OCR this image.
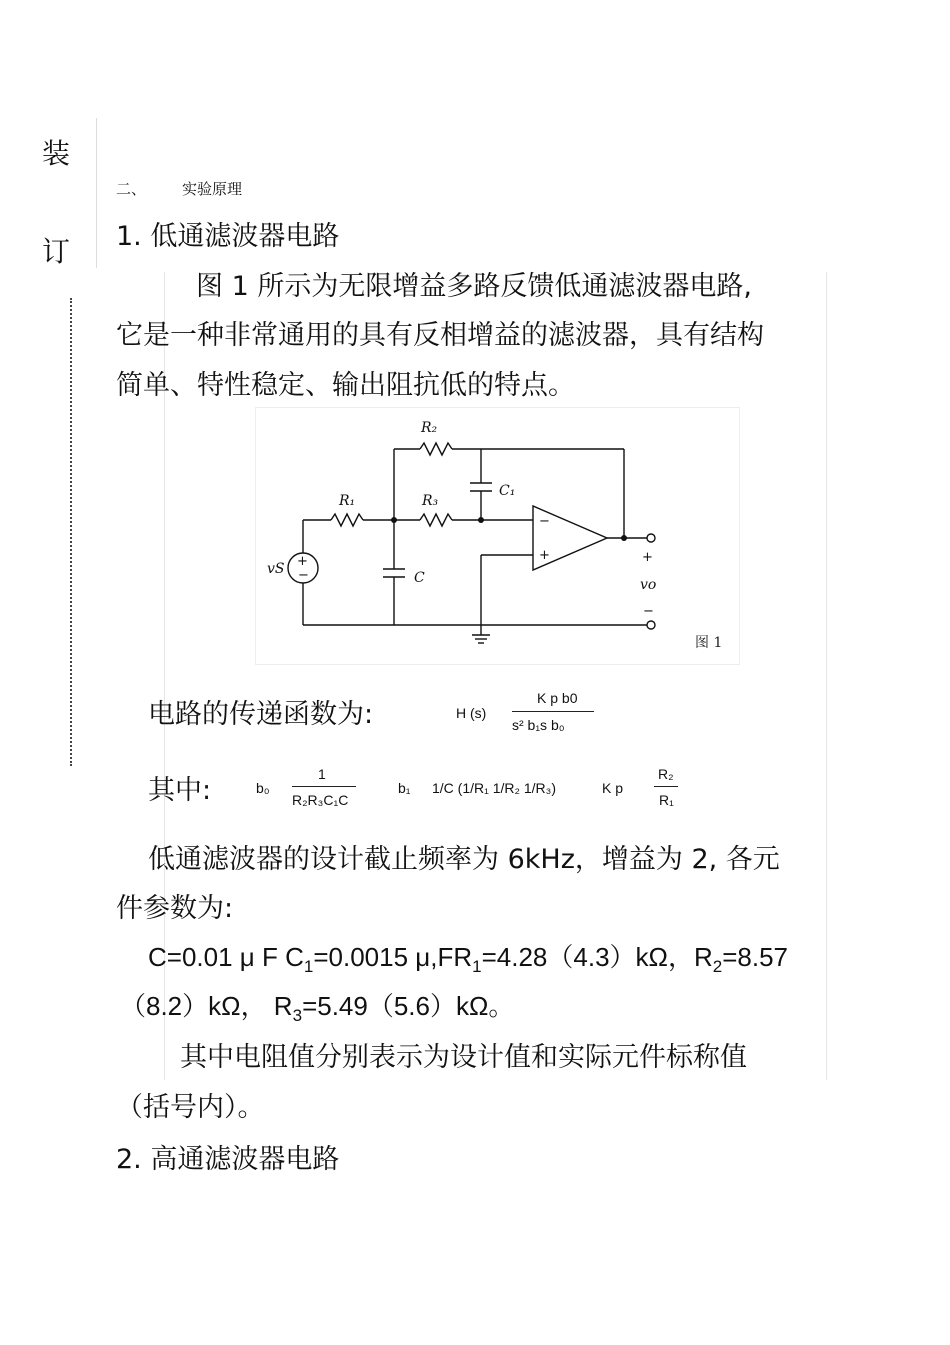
装
订
二、 实验原理
1. 低通滤波器电路
图 1 所示为无限增益多路反馈低通滤波器电路,
它是一种非常通用的具有反相增益的滤波器，具有结构
简单、特性稳定、输出阻抗低的特点。
R₂
C₁
R₁	R₃
C
vS
vo
+
−
+
−
−
+
图 1
电路的传递函数为:	H (s)
K p b0
s² b₁s b₀
其中:	b₀
1
R₂R₃C₁C
b₁ 1/C (1/R₁ 1/R₂ 1/R₃)	K p
R₂
R₁
低通滤波器的设计截止频率为 6kHz，增益为 2, 各元
件参数为:
C=0.01 μ F $C_1=0.0015$ $\mu,FR_1=4.28(4.3)k\Omega$，$R_2=8.57$
（8.2）kΩ， $R_3=5.49(5.6)k\Omega$。
其中电阻值分别表示为设计值和实际元件标称值
（括号内）。
2. 高通滤波器电路
